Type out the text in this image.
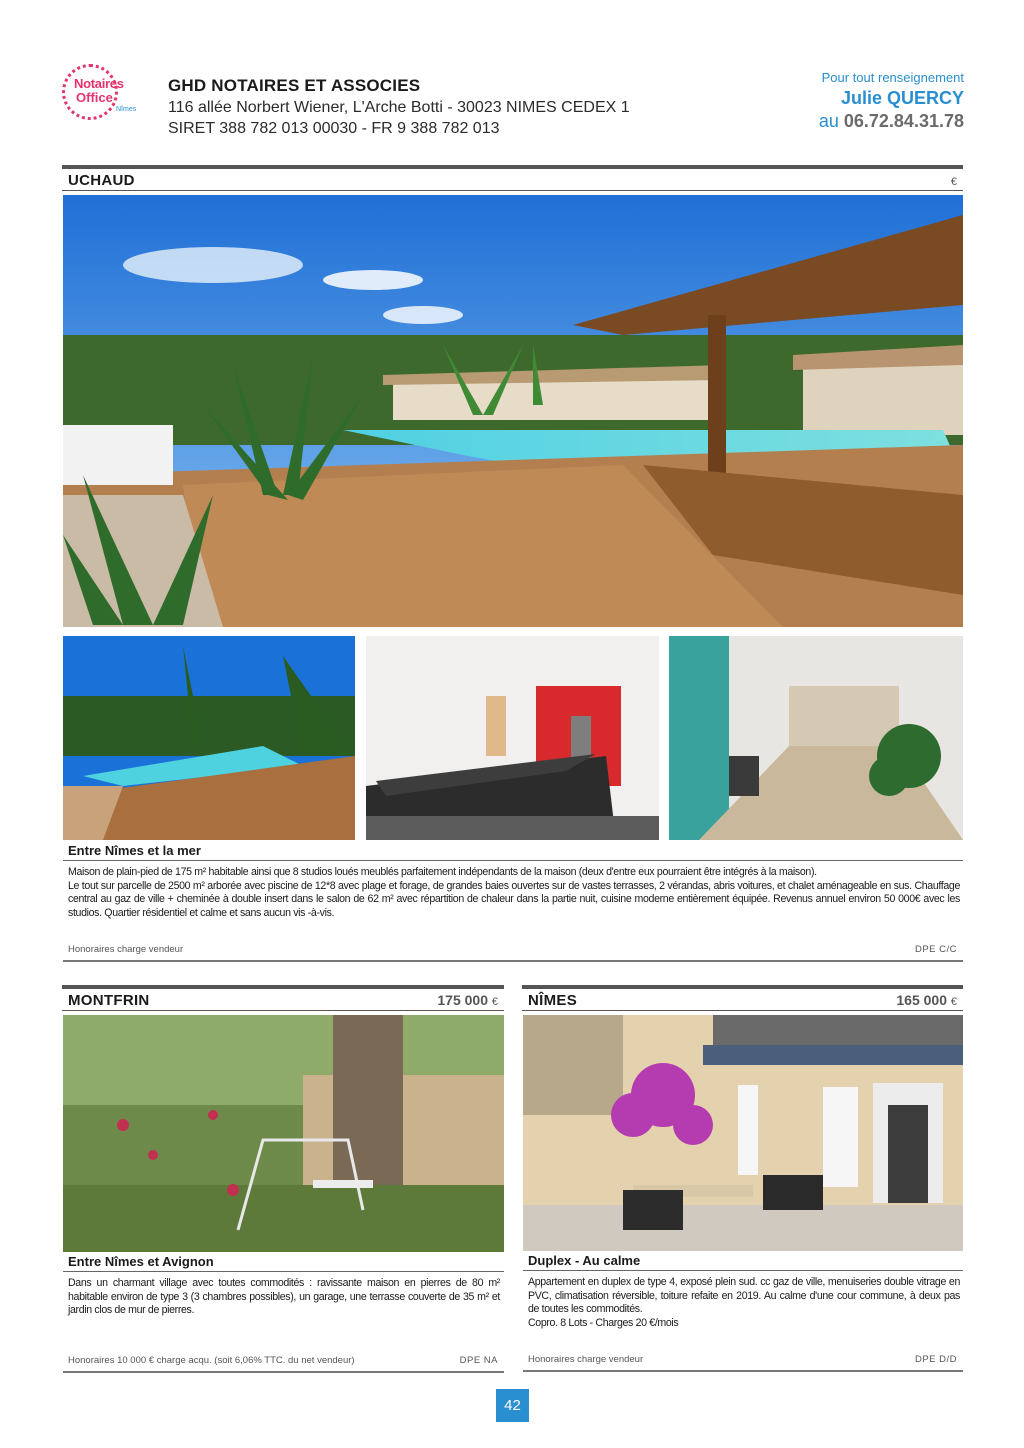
Notaires
Office
Nîmes
GHD NOTAIRES ET ASSOCIES
116 allée Norbert Wiener, L'Arche Botti - 30023 NIMES CEDEX 1
SIRET 388 782 013 00030 - FR 9 388 782 013
Pour tout renseignement
Julie QUERCY
au 06.72.84.31.78
UCHAUD	€
Entre Nîmes et la mer

Maison de plain-pied de 175 m² habitable ainsi que 8 studios loués meublés parfaitement indépendants de la maison (deux d'entre eux pourraient être intégrés à la maison).

Le tout sur parcelle de 2500 m² arborée avec piscine de 12*8 avec plage et forage, de grandes baies ouvertes sur de vastes terrasses, 2 vérandas, abris voitures, et chalet aménageable en sus. Chauffage central au gaz de ville + cheminée à double insert dans le salon de 62 m² avec répartition de chaleur dans la partie nuit, cuisine moderne entièrement équipée. Revenus annuel environ 50 000€ avec les studios. Quartier résidentiel et calme et sans aucun vis -à-vis.

Honoraires charge vendeur	DPE C/C
MONTFRIN	175 000 €
Entre Nîmes et Avignon

Dans un charmant village avec toutes commodités : ravissante maison en pierres de 80 m² habitable environ de type 3 (3 chambres possibles), un garage, une terrasse couverte de 35 m² et jardin clos de mur de pierres.

Honoraires 10 000 € charge acqu. (soit 6,06% TTC. du net vendeur)	DPE NA
NÎMES	165 000 €
Duplex - Au calme

Appartement en duplex de type 4, exposé plein sud. cc gaz de ville, menuiseries double vitrage en PVC, climatisation réversible, toiture refaite en 2019. Au calme d'une cour commune, à deux pas de toutes les commodités.

Copro. 8 Lots - Charges 20 €/mois

Honoraires charge vendeur	DPE D/D
42
